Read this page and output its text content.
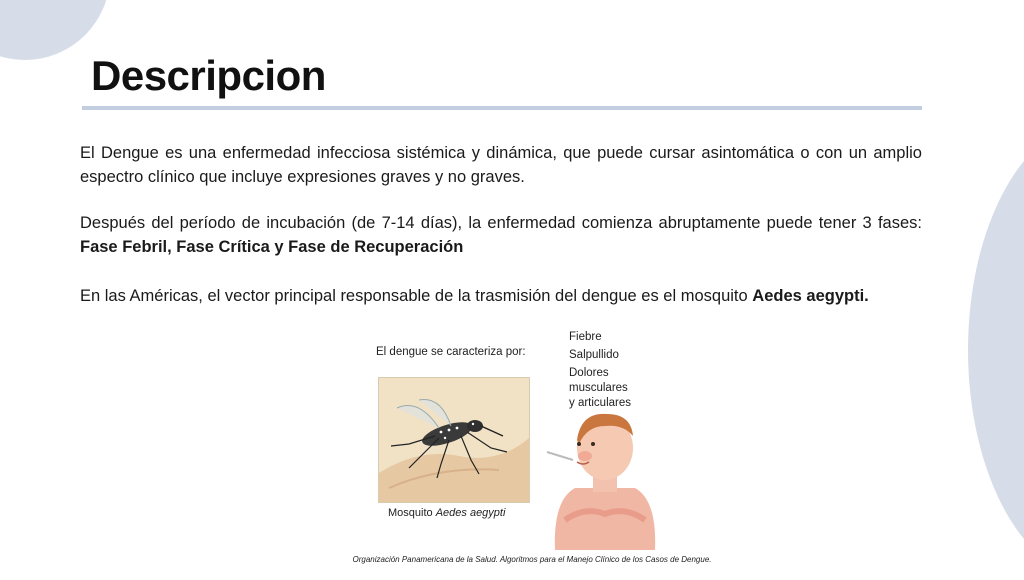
Descripcion

El Dengue es una enfermedad infecciosa sistémica y dinámica, que puede cursar asintomática o con un amplio espectro clínico que incluye expresiones graves y no graves.

Después del período de incubación (de 7-14 días), la enfermedad comienza abruptamente puede tener 3 fases: Fase Febril, Fase Crítica y Fase de Recuperación

En las Américas, el vector principal responsable de la trasmisión del dengue es el mosquito Aedes aegypti.

El dengue se caracteriza por:
Mosquito Aedes aegypti
Fiebre
Salpullido
Dolores
musculares
y articulares
Organización Panamericana de la Salud. Algoritmos para el Manejo Clínico de los Casos de Dengue.
